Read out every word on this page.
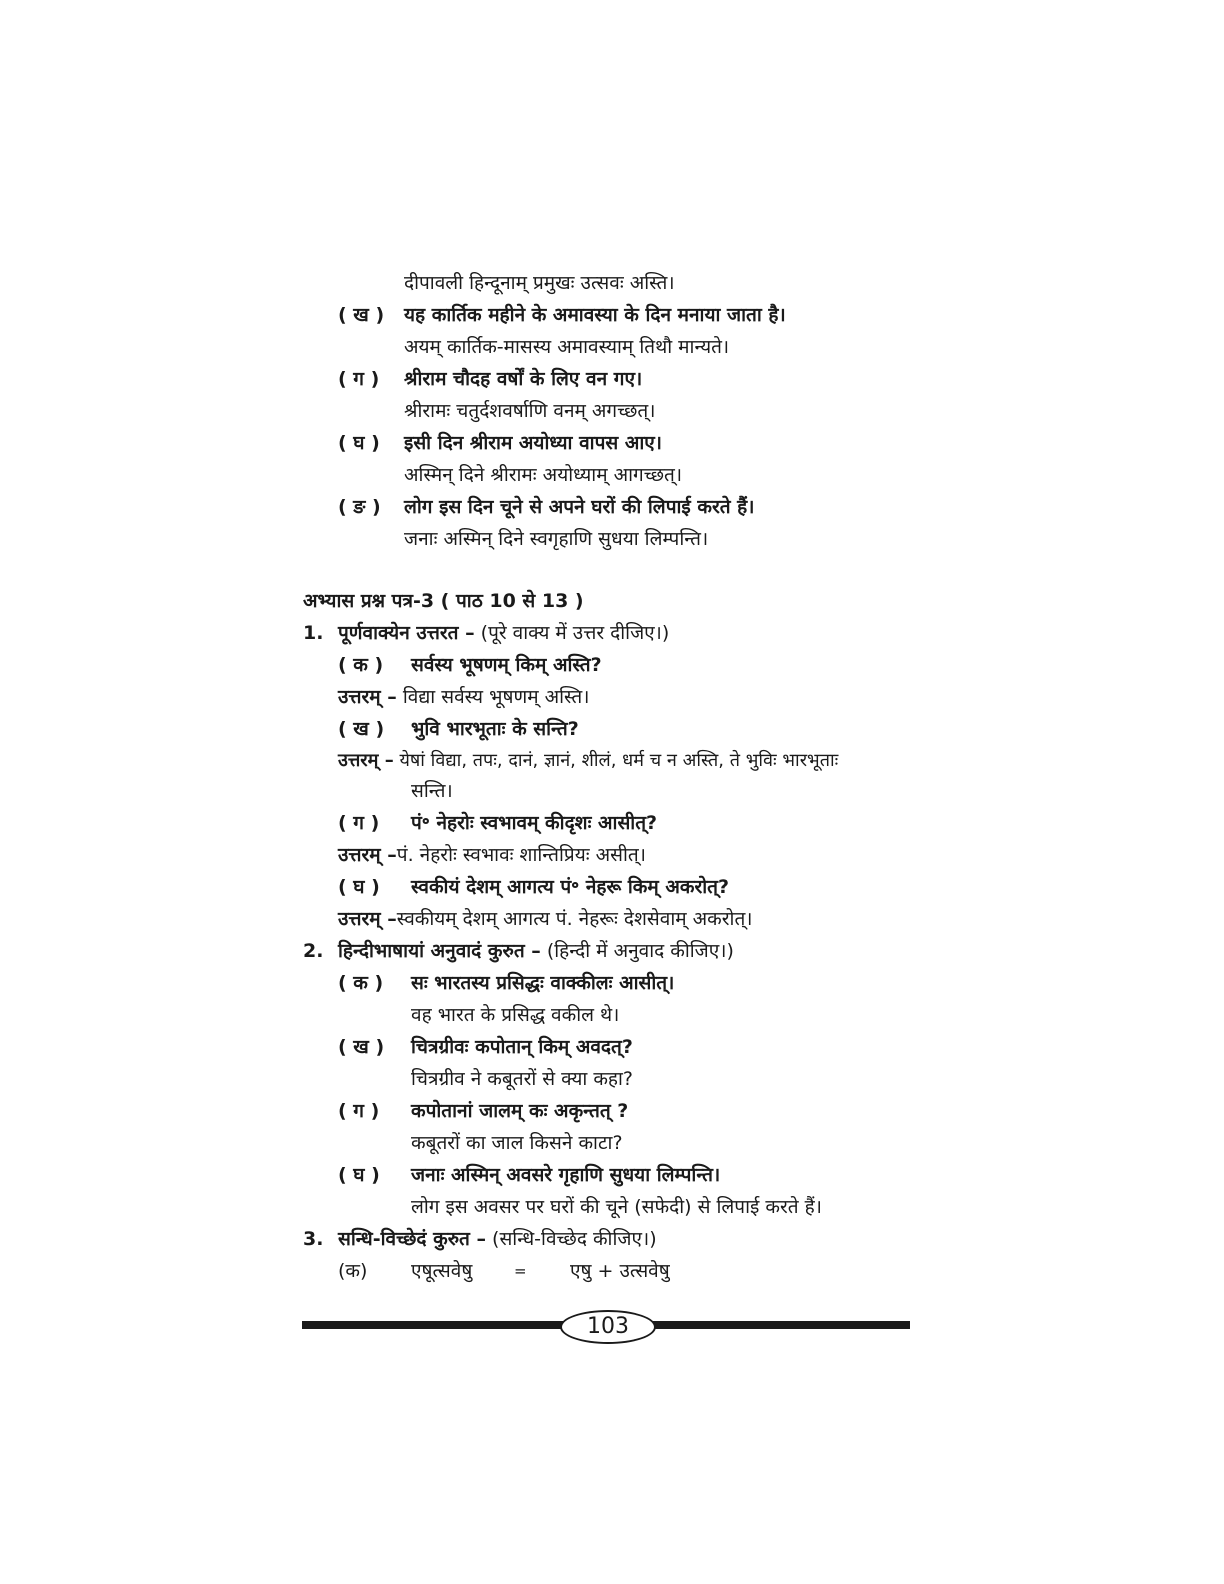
दीपावली हिन्दूनाम् प्रमुखः उत्सवः अस्ति।
( ख ) यह कार्तिक महीने के अमावस्या के दिन मनाया जाता है।
अयम् कार्तिक-मासस्य अमावस्याम् तिथौ मान्यते।
( ग ) श्रीराम चौदह वर्षों के लिए वन गए।
श्रीरामः चतुर्दशवर्षाणि वनम् अगच्छत्।
( घ ) इसी दिन श्रीराम अयोध्या वापस आए।
अस्मिन् दिने श्रीरामः अयोध्याम् आगच्छत्।
( ङ ) लोग इस दिन चूने से अपने घरों की लिपाई करते हैं।
जनाः अस्मिन् दिने स्वगृहाणि सुधया लिम्पन्ति।
अभ्यास प्रश्न पत्र-3 ( पाठ 10 से 13 )
1. पूर्णवाक्येन उत्तरत – (पूरे वाक्य में उत्तर दीजिए।)
( क ) सर्वस्य भूषणम् किम् अस्ति?
उत्तरम् – विद्या सर्वस्य भूषणम् अस्ति।
( ख ) भुवि भारभूताः के सन्ति?
उत्तरम् – येषां विद्या, तपः, दानं, ज्ञानं, शीलं, धर्म च न अस्ति, ते भुविः भारभूताः
सन्ति।
( ग ) पं॰ नेहरोः स्वभावम् कीदृशः आसीत्?
उत्तरम् –पं. नेहरोः स्वभावः शान्तिप्रियः असीत्।
( घ ) स्वकीयं देशम् आगत्य पं॰ नेहरू किम् अकरोत्?
उत्तरम् –स्वकीयम् देशम् आगत्य पं. नेहरूः देशसेवाम् अकरोत्।
2. हिन्दीभाषायां अनुवादं कुरुत – (हिन्दी में अनुवाद कीजिए।)
( क ) सः भारतस्य प्रसिद्धः वाक्कीलः आसीत्।
वह भारत के प्रसिद्ध वकील थे।
( ख ) चित्रग्रीवः कपोतान् किम् अवदत्?
चित्रग्रीव ने कबूतरों से क्या कहा?
( ग ) कपोतानां जालम् कः अकृन्तत् ?
कबूतरों का जाल किसने काटा?
( घ ) जनाः अस्मिन् अवसरे गृहाणि सुधया लिम्पन्ति।
लोग इस अवसर पर घरों की चूने (सफेदी) से लिपाई करते हैं।
3. सन्धि-विच्छेदं कुरुत – (सन्धि-विच्छेद कीजिए।)
(क) एषूत्सवेषु	= एषु + उत्सवेषु
103
